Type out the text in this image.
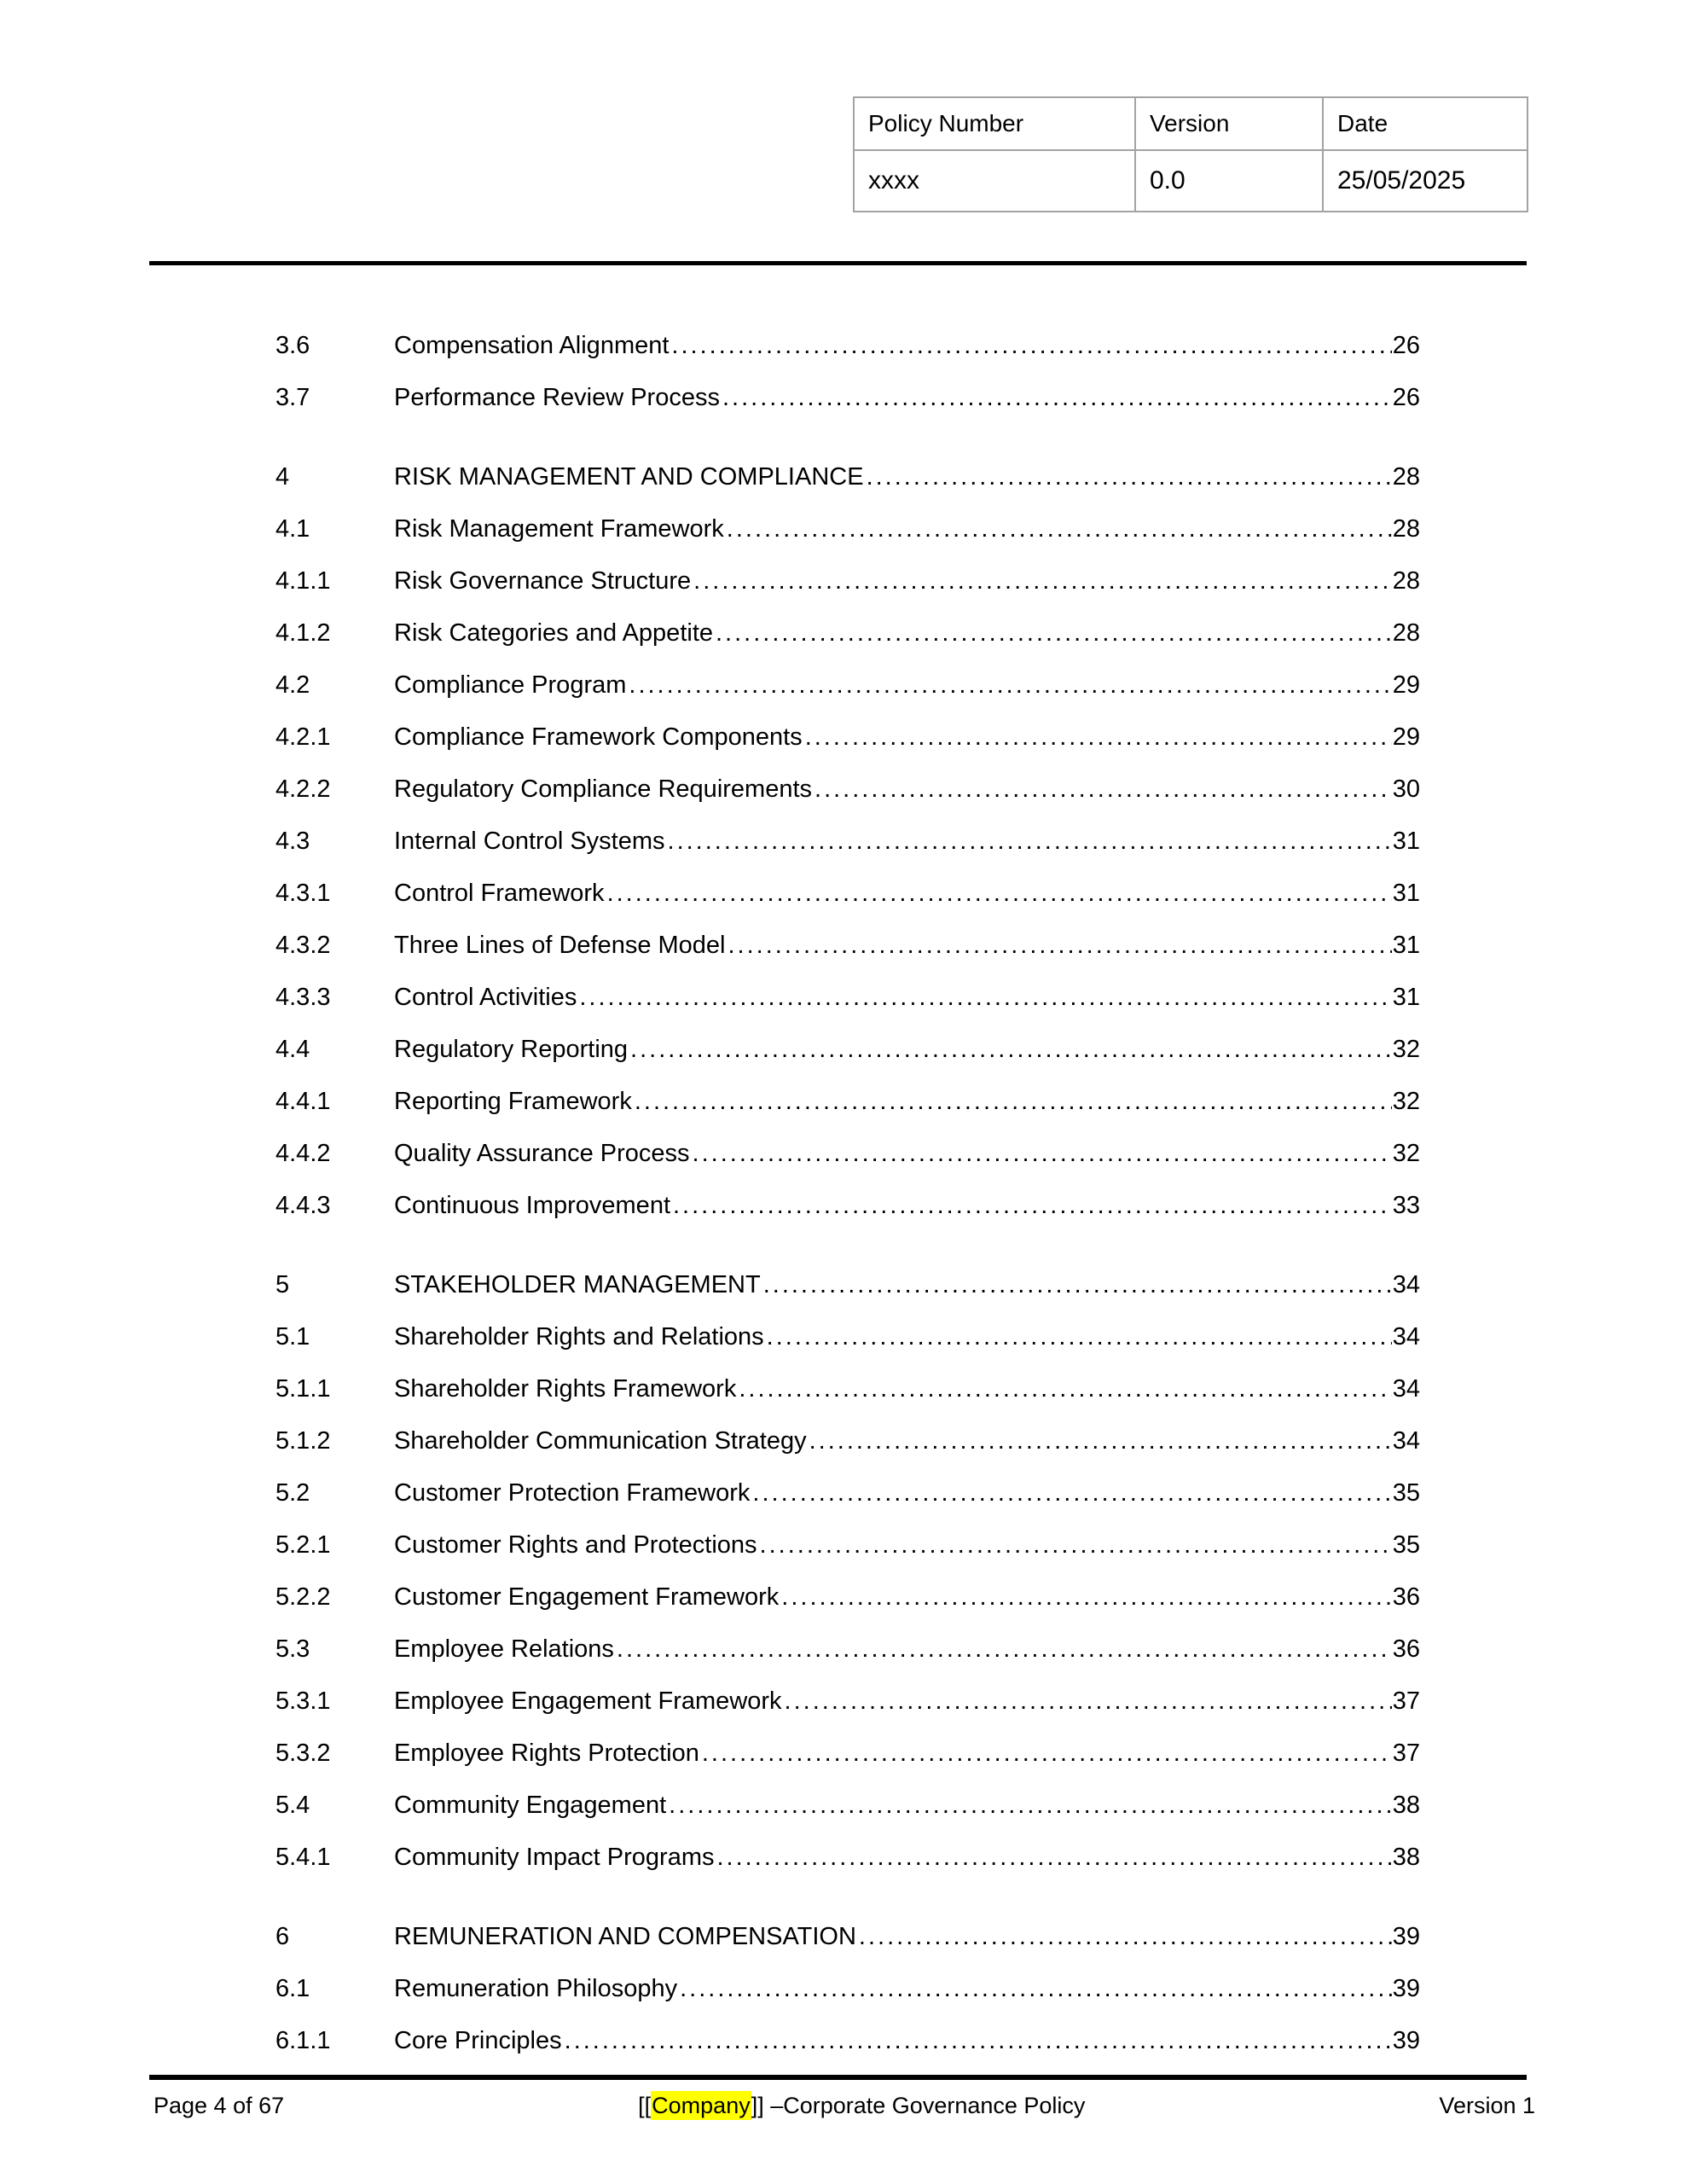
Policy Number	Version	Date
xxxx	0.0	25/05/2025
3.6	Compensation Alignment .....	26
3.7	Performance Review Process .....	26
4	RISK MANAGEMENT AND COMPLIANCE .....	28
4.1	Risk Management Framework .....	28
4.1.1	Risk Governance Structure .....	28
4.1.2	Risk Categories and Appetite .....	28
4.2	Compliance Program .....	29
4.2.1	Compliance Framework Components .....	29
4.2.2	Regulatory Compliance Requirements .....	30
4.3	Internal Control Systems .....	31
4.3.1	Control Framework .....	31
4.3.2	Three Lines of Defense Model .....	31
4.3.3	Control Activities .....	31
4.4	Regulatory Reporting .....	32
4.4.1	Reporting Framework .....	32
4.4.2	Quality Assurance Process .....	32
4.4.3	Continuous Improvement .....	33
5	STAKEHOLDER MANAGEMENT .....	34
5.1	Shareholder Rights and Relations .....	34
5.1.1	Shareholder Rights Framework .....	34
5.1.2	Shareholder Communication Strategy .....	34
5.2	Customer Protection Framework .....	35
5.2.1	Customer Rights and Protections .....	35
5.2.2	Customer Engagement Framework .....	36
5.3	Employee Relations .....	36
5.3.1	Employee Engagement Framework .....	37
5.3.2	Employee Rights Protection .....	37
5.4	Community Engagement .....	38
5.4.1	Community Impact Programs .....	38
6	REMUNERATION AND COMPENSATION .....	39
6.1	Remuneration Philosophy .....	39
6.1.1	Core Principles .....	39
Page 4 of 67	[[Company]] –Corporate Governance Policy	Version 1
